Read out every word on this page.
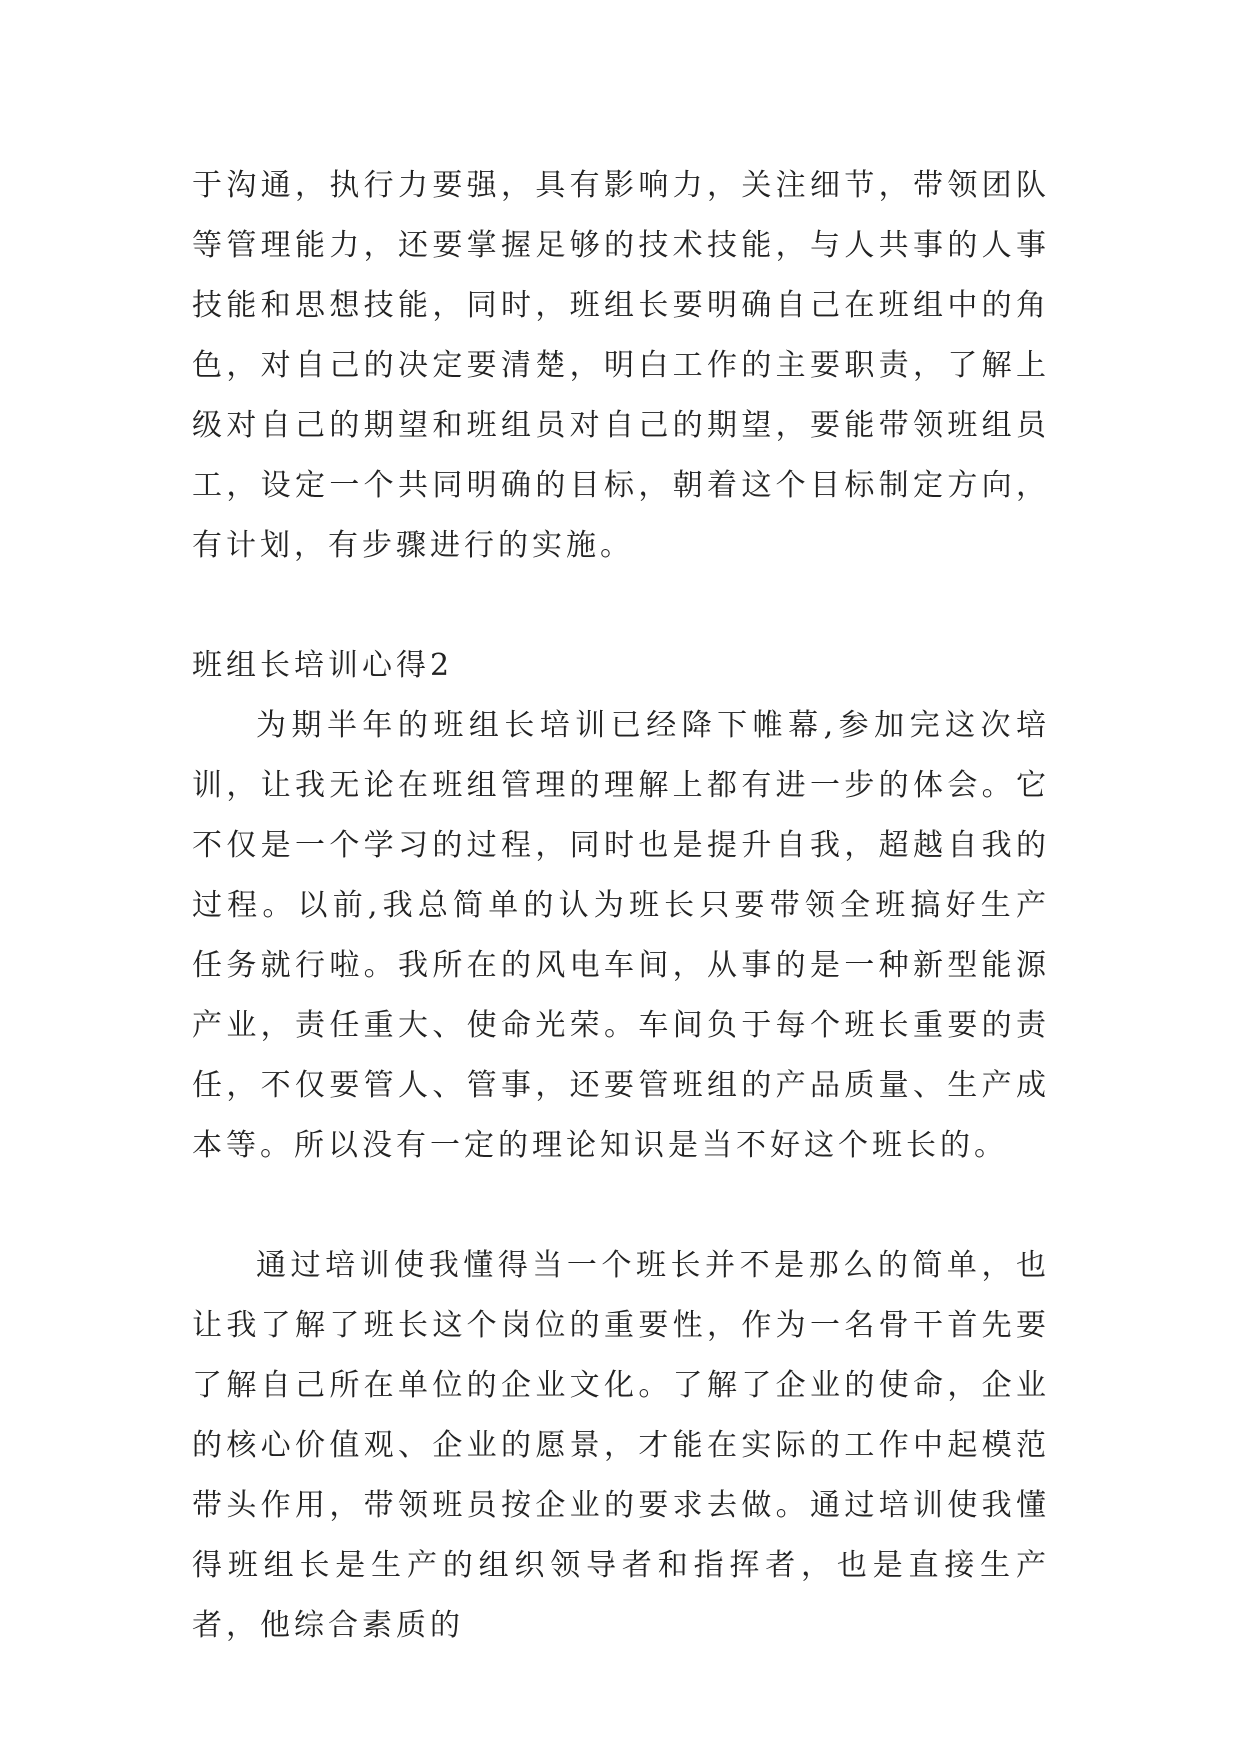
于沟通，执行力要强，具有影响力，关注细节，带领团队等管理能力，还要掌握足够的技术技能，与人共事的人事技能和思想技能，同时，班组长要明确自己在班组中的角色，对自己的决定要清楚，明白工作的主要职责，了解上级对自己的期望和班组员对自己的期望，要能带领班组员工，设定一个共同明确的目标，朝着这个目标制定方向，有计划，有步骤进行的实施。

班组长培训心得2

为期半年的班组长培训已经降下帷幕,参加完这次培训，让我无论在班组管理的理解上都有进一步的体会。它不仅是一个学习的过程，同时也是提升自我，超越自我的过程。以前,我总简单的认为班长只要带领全班搞好生产任务就行啦。我所在的风电车间，从事的是一种新型能源产业，责任重大、使命光荣。车间负于每个班长重要的责任，不仅要管人、管事，还要管班组的产品质量、生产成本等。所以没有一定的理论知识是当不好这个班长的。

通过培训使我懂得当一个班长并不是那么的简单，也让我了解了班长这个岗位的重要性，作为一名骨干首先要了解自己所在单位的企业文化。了解了企业的使命，企业的核心价值观、企业的愿景，才能在实际的工作中起模范带头作用，带领班员按企业的要求去做。通过培训使我懂得班组长是生产的组织领导者和指挥者，也是直接生产者，他综合素质的
